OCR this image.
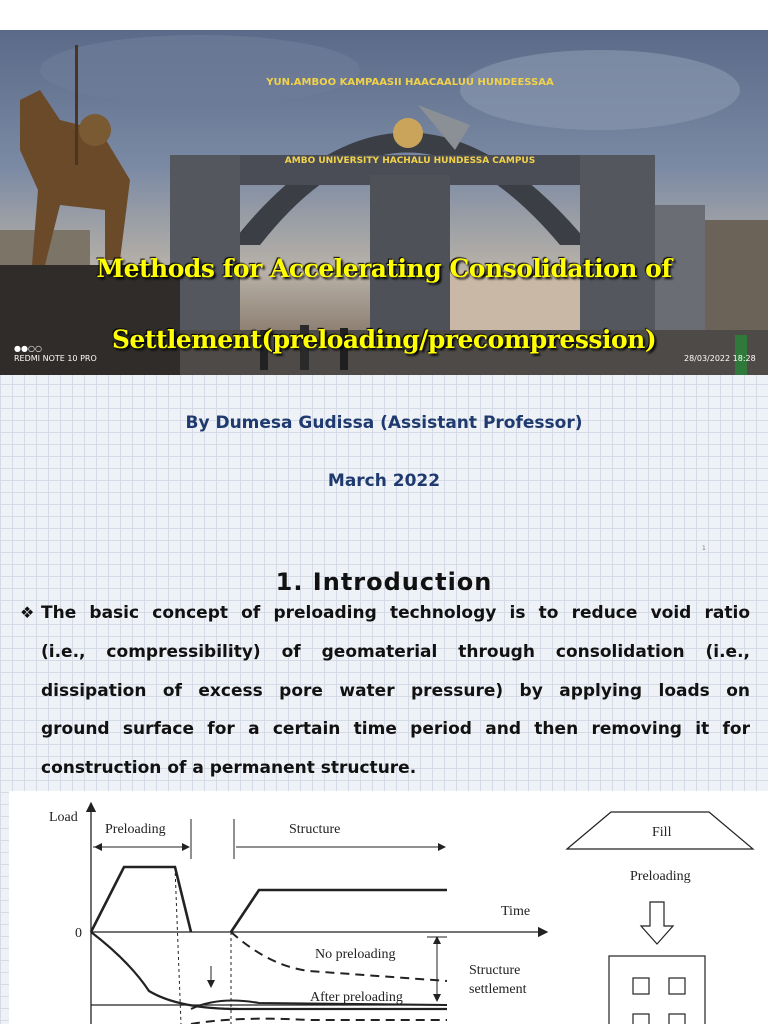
YUN.AMBOO KAMPAASII HAACAALUU HUNDEESSAA
AMBO UNIVERSITY HACHALU HUNDESSA CAMPUS
●●○○
REDMI NOTE 10 PRO	28/03/2022 18:28
Methods for Accelerating Consolidation of
Settlement(preloading/precompression)
By Dumesa Gudissa (Assistant Professor)
March 2022
1
1. Introduction
❖ The basic concept of preloading technology is to reduce void ratio
(i.e., compressibility) of geomaterial through consolidation (i.e.,
dissipation of excess pore water pressure) by applying loads on
ground surface for a certain time period and then removing it for
construction of a permanent structure.
Load
0
Time
Preloading	Structure
No preloading
After preloading
Structure
settlement
Fill
Preloading
